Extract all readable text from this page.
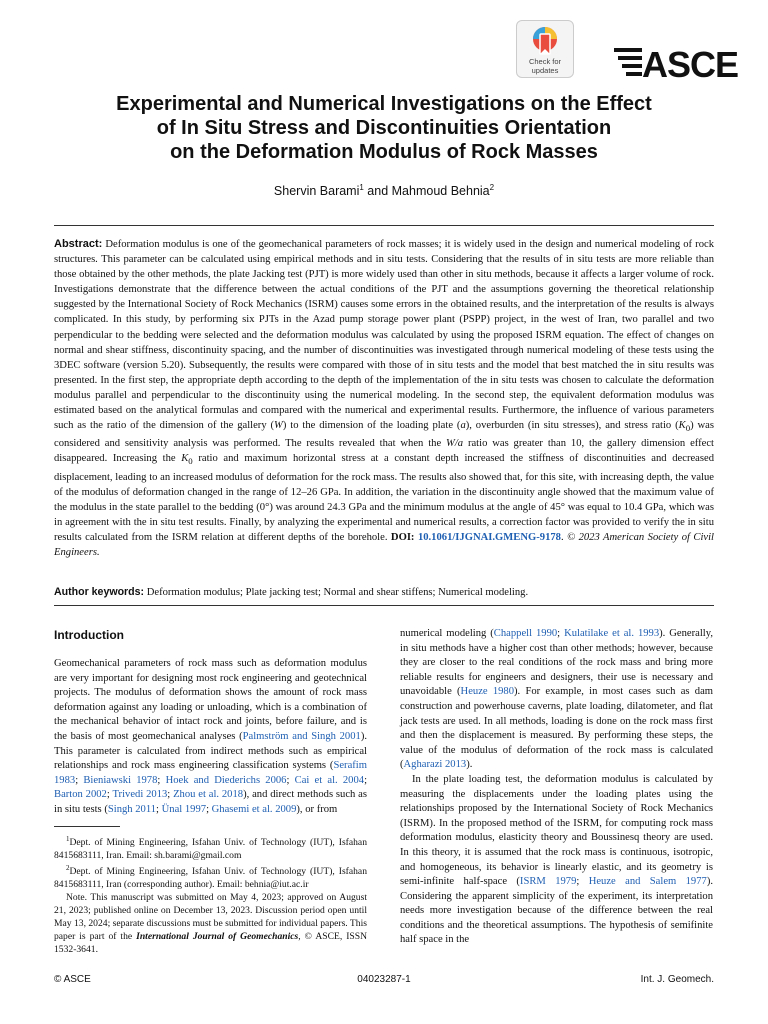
Check for
updates	ASCE
Experimental and Numerical Investigations on the Effect
of In Situ Stress and Discontinuities Orientation
on the Deformation Modulus of Rock Masses
Shervin Barami$^1$ and Mahmoud Behnia$^2$

Abstract: Deformation modulus is one of the geomechanical parameters of rock masses; it is widely used in the design and numerical modeling of rock structures. This parameter can be calculated using empirical methods and in situ tests. Considering that the results of in situ tests are more reliable than those obtained by the other methods, the plate Jacking test (PJT) is more widely used than other in situ methods, because it affects a larger volume of rock. Investigations demonstrate that the difference between the actual conditions of the PJT and the assumptions governing the theoretical relationship suggested by the International Society of Rock Mechanics (ISRM) causes some errors in the obtained results, and the interpretation of the results is always complicated. In this study, by performing six PJTs in the Azad pump storage power plant (PSPP) project, in the west of Iran, two parallel and two perpendicular to the bedding were selected and the deformation modulus was calculated by using the proposed ISRM equation. The effect of changes on normal and shear stiffness, discontinuity spacing, and the number of discontinuities was investigated through numerical modeling of these tests using the 3DEC software (version 5.20). Subsequently, the results were compared with those of in situ tests and the model that best matched the in situ results was presented. In the first step, the appropriate depth according to the depth of the implementation of the in situ tests was chosen to calculate the deformation modulus parallel and perpendicular to the discontinuity using the numerical modeling. In the second step, the equivalent deformation modulus was estimated based on the analytical formulas and compared with the numerical and experimental results. Furthermore, the influence of various parameters such as the ratio of the dimension of the gallery (W) to the dimension of the loading plate (a), overburden (in situ stresses), and stress ratio $(K_0)$ was considered and sensitivity analysis was performed. The results revealed that when the W/a ratio was greater than 10, the gallery dimension effect disappeared. Increasing the $K_0$ ratio and maximum horizontal stress at a constant depth increased the stiffness of discontinuities and decreased displacement, leading to an increased modulus of deformation for the rock mass. The results also showed that, for this site, with increasing depth, the value of the modulus of deformation changed in the range of 12–26 GPa. In addition, the variation in the discontinuity angle showed that the maximum value of the modulus in the state parallel to the bedding (0°) was around 24.3 GPa and the minimum modulus at the angle of 45° was equal to 10.4 GPa, which was in agreement with the in situ test results. Finally, by analyzing the experimental and numerical results, a correction factor was provided to verify the in situ results calculated from the ISRM relation at different depths of the borehole. DOI: 10.1061/IJGNAI.GMENG-9178. © 2023 American Society of Civil Engineers.

Author keywords: Deformation modulus; Plate jacking test; Normal and shear stiffens; Numerical modeling.

Introduction

Geomechanical parameters of rock mass such as deformation modulus are very important for designing most rock engineering and geotechnical projects. The modulus of deformation shows the amount of rock mass deformation against any loading or unloading, which is a combination of the mechanical behavior of intact rock and joints, before failure, and is the basis of most geomechanical analyses (Palmström and Singh 2001). This parameter is calculated from indirect methods such as empirical relationships and rock mass engineering classification systems (Serafim 1983; Bieniawski 1978; Hoek and Diederichs 2006; Cai et al. 2004; Barton 2002; Trivedi 2013; Zhou et al. 2018), and direct methods such as in situ tests (Singh 2011; Ünal 1997; Ghasemi et al. 2009), or from

$^1$Dept. of Mining Engineering, Isfahan Univ. of Technology (IUT), Isfahan 8415683111, Iran. Email: sh.barami@gmail.com

$^2$Dept. of Mining Engineering, Isfahan Univ. of Technology (IUT), Isfahan 8415683111, Iran (corresponding author). Email: behnia@iut.ac.ir

Note. This manuscript was submitted on May 4, 2023; approved on August 21, 2023; published online on December 13, 2023. Discussion period open until May 13, 2024; separate discussions must be submitted for individual papers. This paper is part of the International Journal of Geomechanics, © ASCE, ISSN 1532-3641.

numerical modeling (Chappell 1990; Kulatilake et al. 1993). Generally, in situ methods have a higher cost than other methods; however, because they are closer to the real conditions of the rock mass and bring more reliable results for engineers and designers, their use is necessary and unavoidable (Heuze 1980). For example, in most cases such as dam construction and powerhouse caverns, plate loading, dilatometer, and flat jack tests are used. In all methods, loading is done on the rock mass first and then the displacement is measured. By performing these steps, the value of the modulus of deformation of the rock mass is calculated (Agharazi 2013).

In the plate loading test, the deformation modulus is calculated by measuring the displacements under the loading plates using the relationships proposed by the International Society of Rock Mechanics (ISRM). In the proposed method of the ISRM, for computing rock mass deformation modulus, elasticity theory and Boussinesq theory are used. In this theory, it is assumed that the rock mass is continuous, isotropic, and homogeneous, its behavior is linearly elastic, and its geometry is semi-infinite half-space (ISRM 1979; Heuze and Salem 1977). Considering the apparent simplicity of the experiment, its interpretation needs more investigation because of the difference between the real conditions and the theoretical assumptions. The hypothesis of semifinite half space in the

© ASCE	04023287-1	Int. J. Geomech.
